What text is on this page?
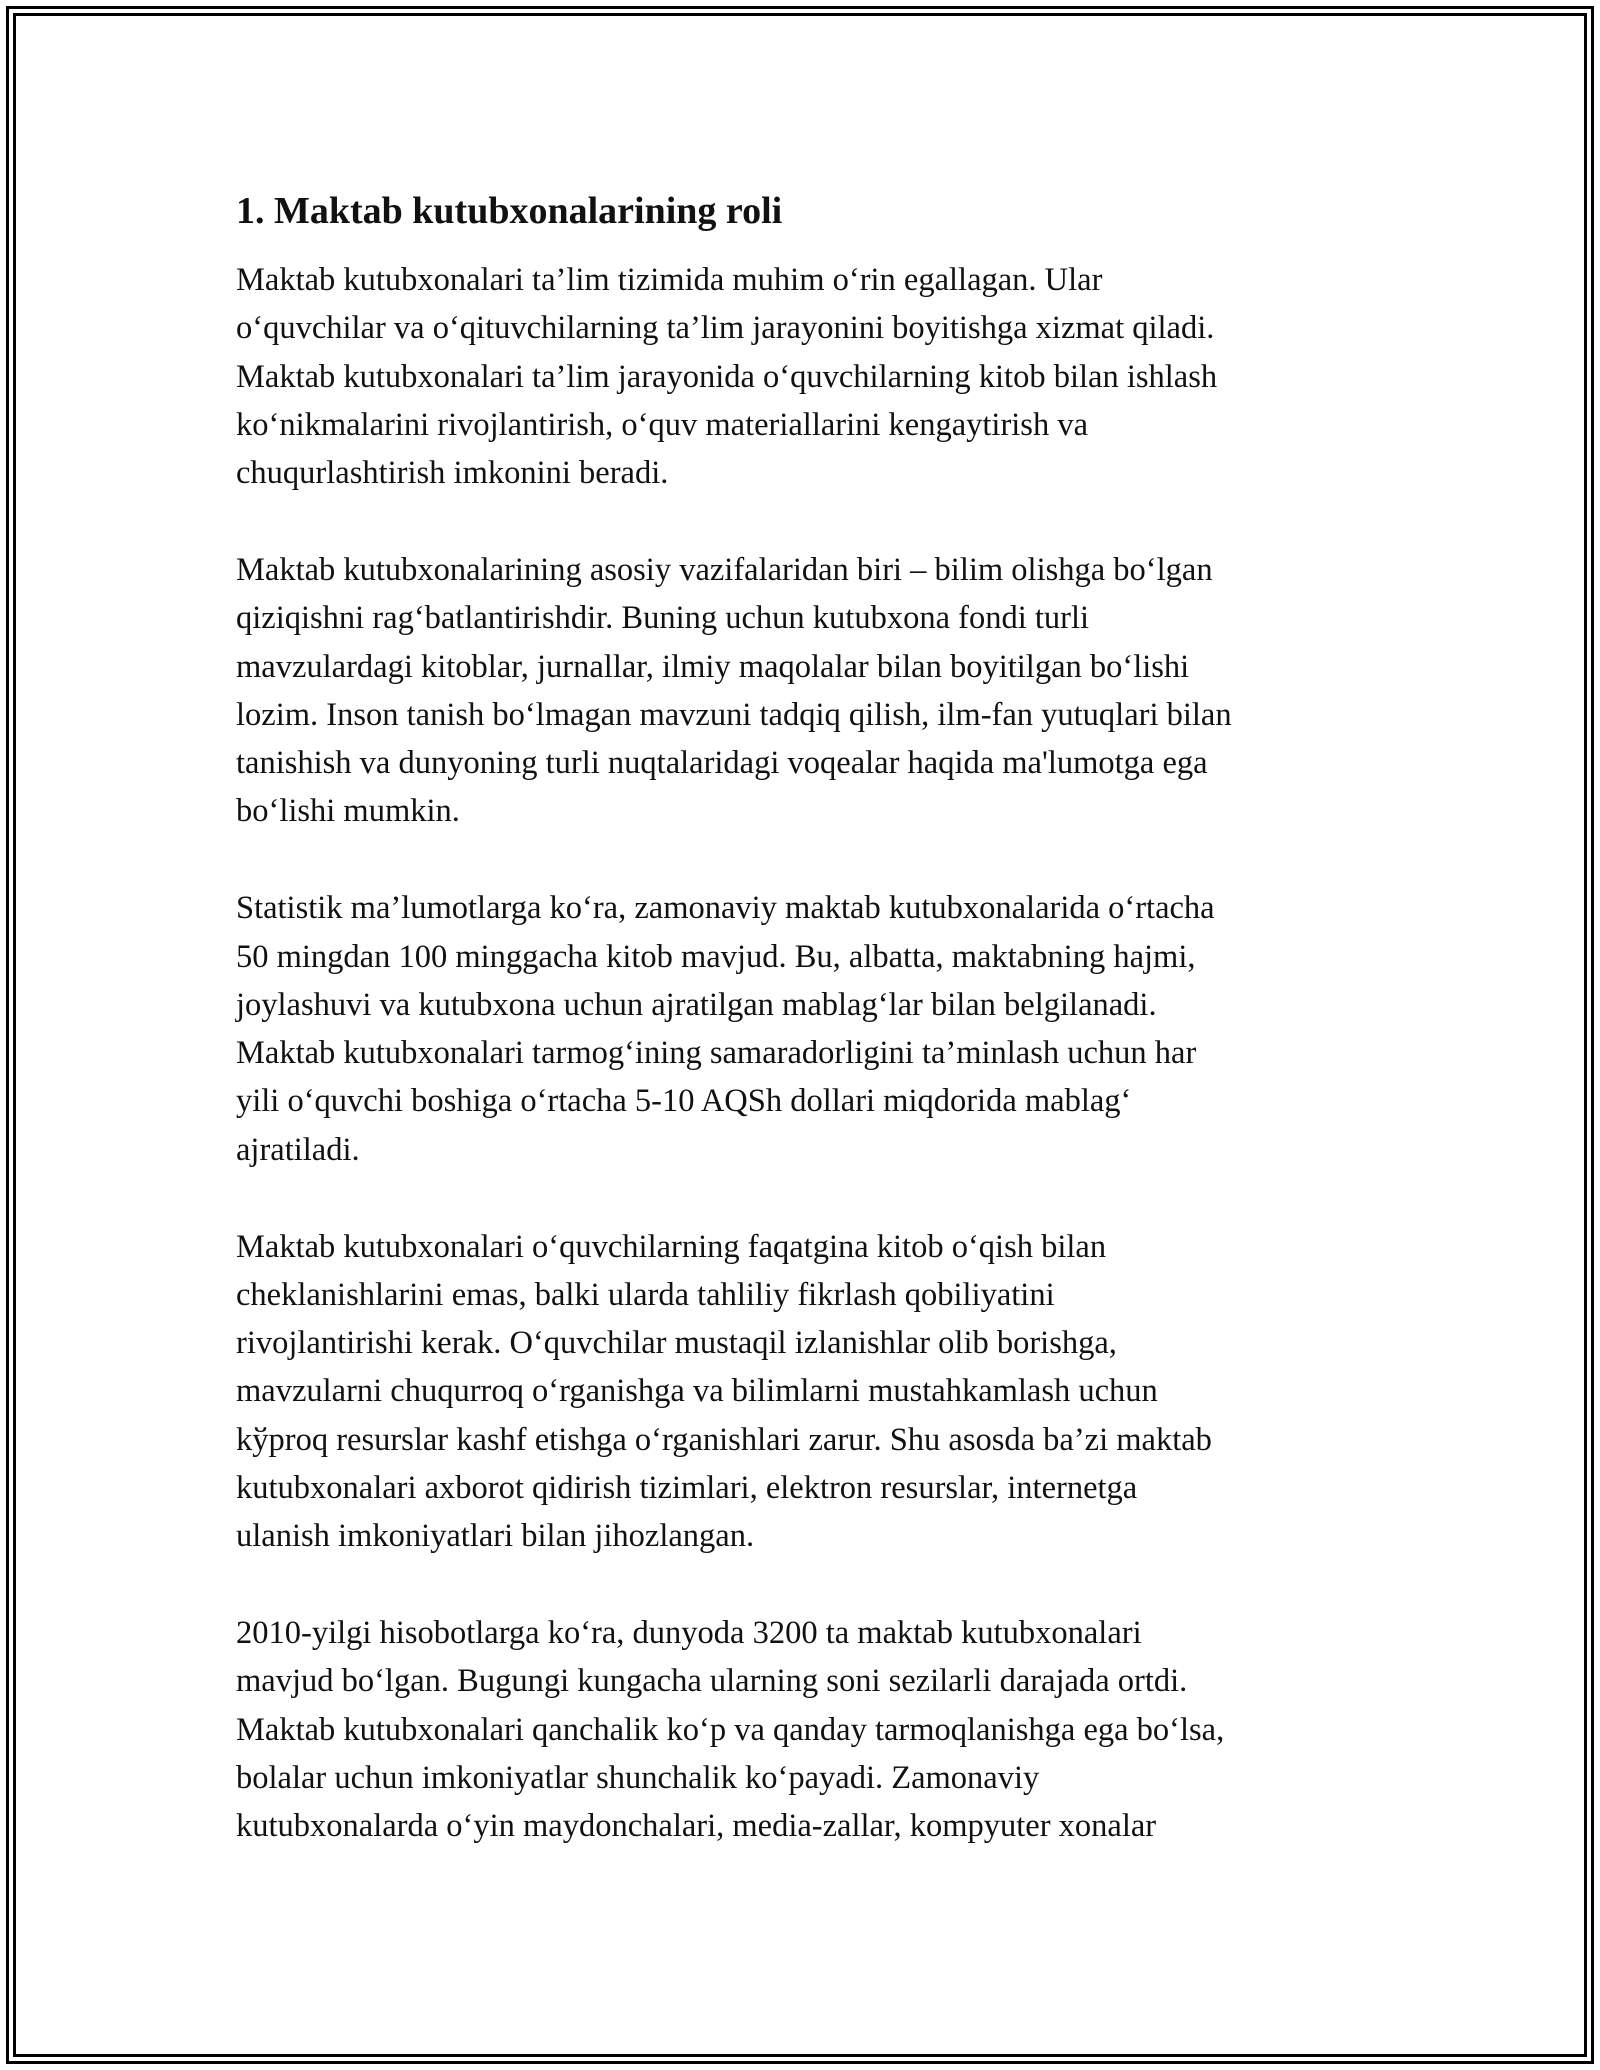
1. Maktab kutubxonalarining roli

Maktab kutubxonalari ta’lim tizimida muhim o‘rin egallagan. Ular
o‘quvchilar va o‘qituvchilarning ta’lim jarayonini boyitishga xizmat qiladi.
Maktab kutubxonalari ta’lim jarayonida o‘quvchilarning kitob bilan ishlash
ko‘nikmalarini rivojlantirish, o‘quv materiallarini kengaytirish va
chuqurlashtirish imkonini beradi.

Maktab kutubxonalarining asosiy vazifalaridan biri – bilim olishga bo‘lgan
qiziqishni rag‘batlantirishdir. Buning uchun kutubxona fondi turli
mavzulardagi kitoblar, jurnallar, ilmiy maqolalar bilan boyitilgan bo‘lishi
lozim. Inson tanish bo‘lmagan mavzuni tadqiq qilish, ilm-fan yutuqlari bilan
tanishish va dunyoning turli nuqtalaridagi voqealar haqida ma'lumotga ega
bo‘lishi mumkin.

Statistik ma’lumotlarga ko‘ra, zamonaviy maktab kutubxonalarida o‘rtacha
50 mingdan 100 minggacha kitob mavjud. Bu, albatta, maktabning hajmi,
joylashuvi va kutubxona uchun ajratilgan mablag‘lar bilan belgilanadi.
Maktab kutubxonalari tarmog‘ining samaradorligini ta’minlash uchun har
yili o‘quvchi boshiga o‘rtacha 5-10 AQSh dollari miqdorida mablag‘
ajratiladi.

Maktab kutubxonalari o‘quvchilarning faqatgina kitob o‘qish bilan
cheklanishlarini emas, balki ularda tahliliy fikrlash qobiliyatini
rivojlantirishi kerak. O‘quvchilar mustaqil izlanishlar olib borishga,
mavzularni chuqurroq o‘rganishga va bilimlarni mustahkamlash uchun
kўproq resurslar kashf etishga o‘rganishlari zarur. Shu asosda ba’zi maktab
kutubxonalari axborot qidirish tizimlari, elektron resurslar, internetga
ulanish imkoniyatlari bilan jihozlangan.

2010-yilgi hisobotlarga ko‘ra, dunyoda 3200 ta maktab kutubxonalari
mavjud bo‘lgan. Bugungi kungacha ularning soni sezilarli darajada ortdi.
Maktab kutubxonalari qanchalik ko‘p va qanday tarmoqlanishga ega bo‘lsa,
bolalar uchun imkoniyatlar shunchalik ko‘payadi. Zamonaviy
kutubxonalarda o‘yin maydonchalari, media-zallar, kompyuter xonalar
